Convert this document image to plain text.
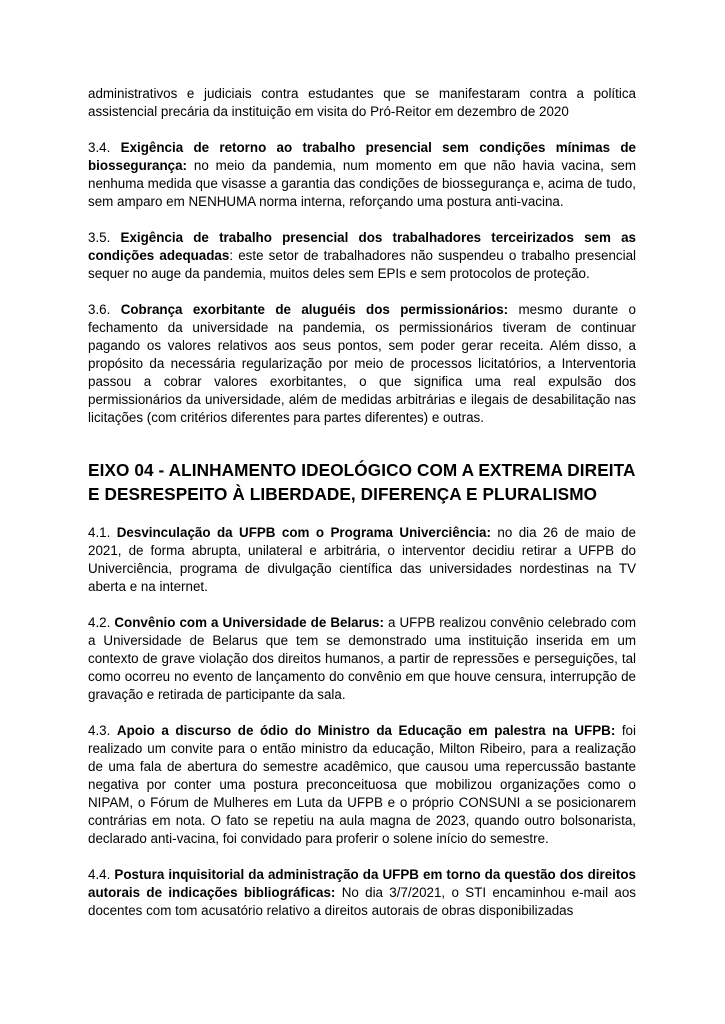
administrativos e judiciais contra estudantes que se manifestaram contra a política assistencial precária da instituição em visita do Pró-Reitor em dezembro de 2020

3.4. Exigência de retorno ao trabalho presencial sem condições mínimas de biossegurança: no meio da pandemia, num momento em que não havia vacina, sem nenhuma medida que visasse a garantia das condições de biossegurança e, acima de tudo, sem amparo em NENHUMA norma interna, reforçando uma postura anti-vacina.

3.5. Exigência de trabalho presencial dos trabalhadores terceirizados sem as condições adequadas: este setor de trabalhadores não suspendeu o trabalho presencial sequer no auge da pandemia, muitos deles sem EPIs e sem protocolos de proteção.

3.6. Cobrança exorbitante de aluguéis dos permissionários: mesmo durante o fechamento da universidade na pandemia, os permissionários tiveram de continuar pagando os valores relativos aos seus pontos, sem poder gerar receita. Além disso, a propósito da necessária regularização por meio de processos licitatórios, a Interventoria passou a cobrar valores exorbitantes, o que significa uma real expulsão dos permissionários da universidade, além de medidas arbitrárias e ilegais de desabilitação nas licitações (com critérios diferentes para partes diferentes) e outras.

EIXO 04 - ALINHAMENTO IDEOLÓGICO COM A EXTREMA DIREITA E DESRESPEITO À LIBERDADE, DIFERENÇA E PLURALISMO

4.1. Desvinculação da UFPB com o Programa Univerciência: no dia 26 de maio de 2021, de forma abrupta, unilateral e arbitrária, o interventor decidiu retirar a UFPB do Univerciência, programa de divulgação científica das universidades nordestinas na TV aberta e na internet.

4.2. Convênio com a Universidade de Belarus: a UFPB realizou convênio celebrado com a Universidade de Belarus que tem se demonstrado uma instituição inserida em um contexto de grave violação dos direitos humanos, a partir de repressões e perseguições, tal como ocorreu no evento de lançamento do convênio em que houve censura, interrupção de gravação e retirada de participante da sala.

4.3. Apoio a discurso de ódio do Ministro da Educação em palestra na UFPB: foi realizado um convite para o então ministro da educação, Milton Ribeiro, para a realização de uma fala de abertura do semestre acadêmico, que causou uma repercussão bastante negativa por conter uma postura preconceituosa que mobilizou organizações como o NIPAM, o Fórum de Mulheres em Luta da UFPB e o próprio CONSUNI a se posicionarem contrárias em nota. O fato se repetiu na aula magna de 2023, quando outro bolsonarista, declarado anti-vacina, foi convidado para proferir o solene início do semestre.

4.4. Postura inquisitorial da administração da UFPB em torno da questão dos direitos autorais de indicações bibliográficas: No dia 3/7/2021, o STI encaminhou e-mail aos docentes com tom acusatório relativo a direitos autorais de obras disponibilizadas
